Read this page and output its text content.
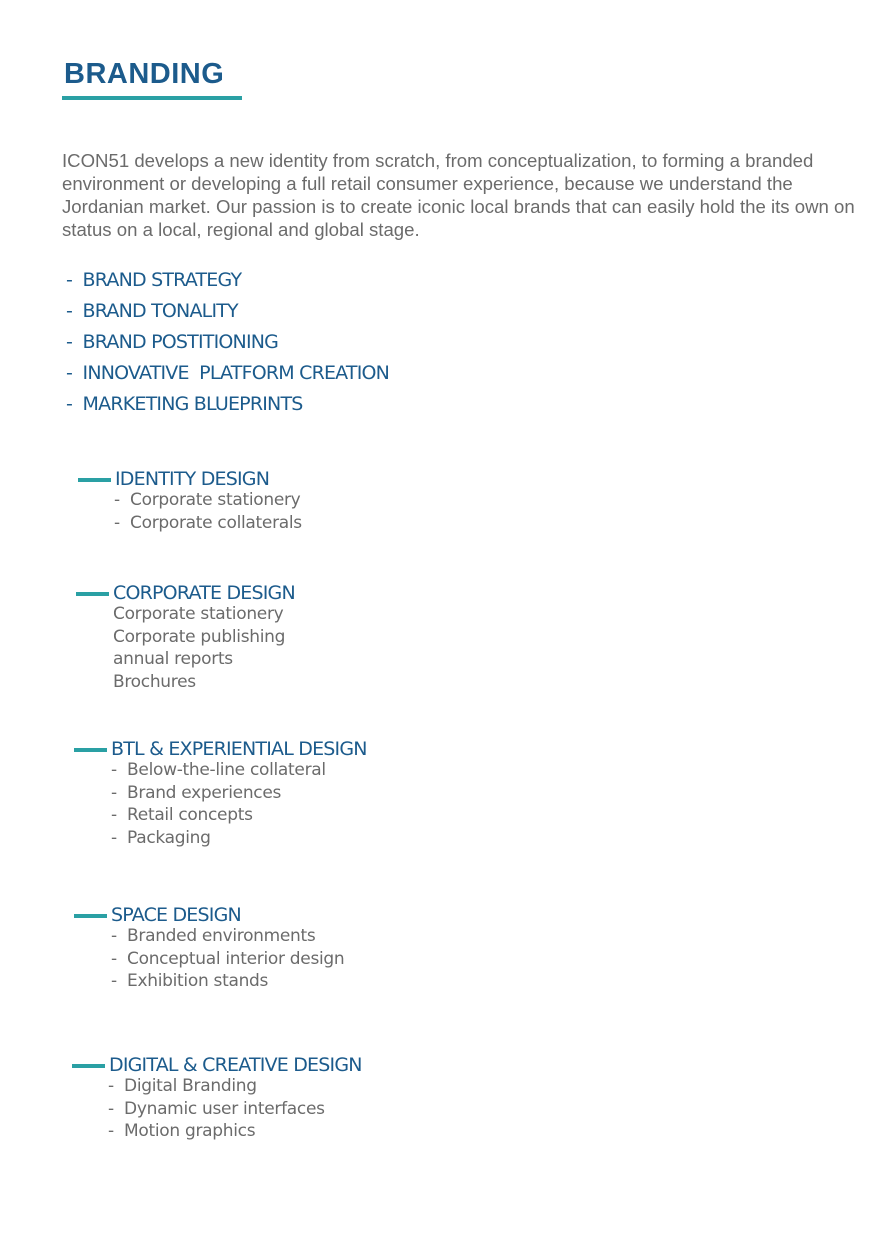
BRANDING

ICON51 develops a new identity from scratch, from conceptualization, to forming a branded environment or developing a full retail consumer experience, because we understand the Jordanian market. Our passion is to create iconic local brands that can easily hold the its own on status on a local, regional and global stage.

-  BRAND STRATEGY
-  BRAND TONALITY
-  BRAND POSTITIONING
-  INNOVATIVE  PLATFORM CREATION
-  MARKETING BLUEPRINTS
IDENTITY DESIGN
-  Corporate stationery
-  Corporate collaterals
CORPORATE DESIGN
Corporate stationery
Corporate publishing
annual reports
Brochures
BTL & EXPERIENTIAL DESIGN
-  Below-the-line collateral
-  Brand experiences
-  Retail concepts
-  Packaging
SPACE DESIGN
-  Branded environments
-  Conceptual interior design
-  Exhibition stands
DIGITAL & CREATIVE DESIGN
-  Digital Branding
-  Dynamic user interfaces
-  Motion graphics
